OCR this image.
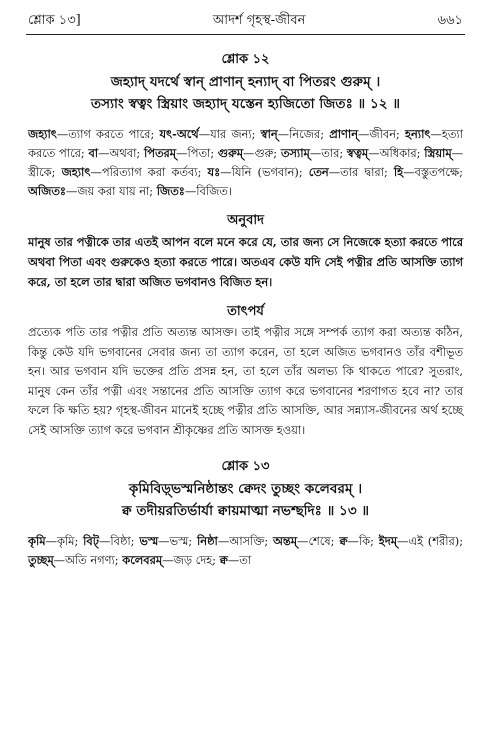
শ্লোক ১৩]	আদর্শ গৃহস্থ-জীবন	৬৬১
শ্লোক ১২
জহ্যাদ্ যদর্থে স্বান্ প্রাণান্ হন্যাদ্ বা পিতরং গুরুম্ ।
তস্যাং স্বত্বং স্ত্রিয়াং জহ্যাদ্ যস্তেন হ্যজিতো জিতঃ ॥ ১২ ॥
জহ্যাৎ—ত্যাগ করতে পারে; যৎ-অর্থে—যার জন্য; স্বান্—নিজের; প্রাণান্—জীবন; হন্যাৎ—হত্যা করতে পারে; বা—অথবা; পিতরম্—পিতা; গুরুম্—গুরু; তস্যাম্—তার; স্বত্বম্—অধিকার; স্ত্রিয়াম্—স্ত্রীকে; জহ্যাৎ—পরিত্যাগ করা কর্তব্য; যঃ—যিনি (ভগবান); তেন—তার দ্বারা; হি—বস্তুতপক্ষে; অজিতঃ—জয় করা যায় না; জিতঃ—বিজিত।
অনুবাদ
মানুষ তার পত্নীকে তার এতই আপন বলে মনে করে যে, তার জন্য সে নিজেকে হত্যা করতে পারে অথবা পিতা এবং গুরুকেও হত্যা করতে পারে। অতএব কেউ যদি সেই পত্নীর প্রতি আসক্তি ত্যাগ করে, তা হলে তার দ্বারা অজিত ভগবানও বিজিত হন।
তাৎপর্য
প্রত্যেক পতি তার পত্নীর প্রতি অত্যন্ত আসক্ত। তাই পত্নীর সঙ্গে সম্পর্ক ত্যাগ করা অত্যন্ত কঠিন, কিন্তু কেউ যদি ভগবানের সেবার জন্য তা ত্যাগ করেন, তা হলে অজিত ভগবানও তাঁর বশীভূত হন। আর ভগবান যদি ভক্তের প্রতি প্রসন্ন হন, তা হলে তাঁর অলভ্য কি থাকতে পারে? সুতরাং, মানুষ কেন তাঁর পত্নী এবং সন্তানের প্রতি আসক্তি ত্যাগ করে ভগবানের শরণাগত হবে না? তার ফলে কি ক্ষতি হয়? গৃহস্থ-জীবন মানেই হচ্ছে পত্নীর প্রতি আসক্তি, আর সন্ন্যাস-জীবনের অর্থ হচ্ছে সেই আসক্তি ত্যাগ করে ভগবান শ্রীকৃষ্ণের প্রতি আসক্ত হওয়া।
শ্লোক ১৩
কৃমিবিড়্ভস্মনিষ্ঠান্তং ক্বেদং তুচ্ছং কলেবরম্ ।
ক্ব তদীয়রতির্ভার্যা ক্বায়মাত্মা নভশ্ছদিঃ ॥ ১৩ ॥
কৃমি—কৃমি; বিট্—বিষ্ঠা; ভস্ম—ভস্ম; নিষ্ঠা—আসক্তি; অন্তম্—শেষে; ক্ব—কি; ইদম্—এই (শরীর); তুচ্ছম্—অতি নগণ্য; কলেবরম্—জড় দেহ; ক্ব—তা
